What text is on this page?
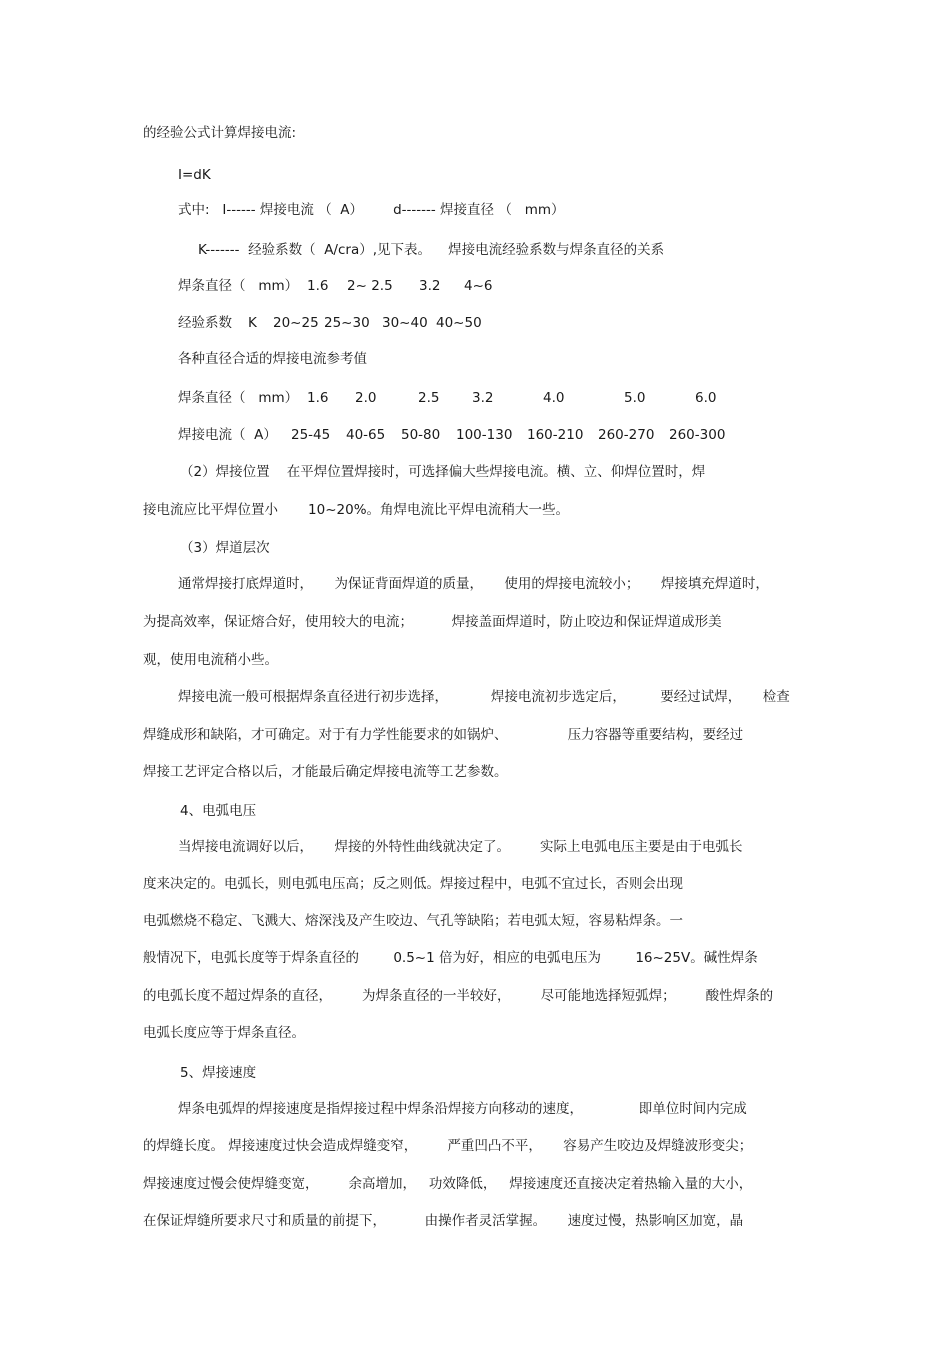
的经验公式计算焊接电流:
I=dK
式中:   I------ 焊接电流 （  A）       d------- 焊接直径 （   mm）
K-------  经验系数（  A/cra）,见下表。    焊接电流经验系数与焊条直径的关系
焊条直径（   mm） 1.6 2~ 2.5 3.2 4~6
经验系数 K 20~25 25~30 30~40 40~50
各种直径合适的焊接电流参考值
焊条直径（   mm） 1.6 2.0	2.5 3.2	4.0	5.0	6.0
焊接电流（  A） 25-45 40-65 50-80 100-130 160-210 260-270 260-300
（2）焊接位置    在平焊位置焊接时，可选择偏大些焊接电流。横、立、仰焊位置时，焊
接电流应比平焊位置小       10~20%。角焊电流比平焊电流稍大一些。
（3）焊道层次
通常焊接打底焊道时，     为保证背面焊道的质量，     使用的焊接电流较小；     焊接填充焊道时，
为提高效率，保证熔合好，使用较大的电流；         焊接盖面焊道时，防止咬边和保证焊道成形美
观，使用电流稍小些。
焊接电流一般可根据焊条直径进行初步选择，          焊接电流初步选定后，        要经过试焊，     检查
焊缝成形和缺陷，才可确定。对于有力学性能要求的如锅炉、              压力容器等重要结构，要经过
焊接工艺评定合格以后，才能最后确定焊接电流等工艺参数。
4、电弧电压
当焊接电流调好以后，     焊接的外特性曲线就决定了。       实际上电弧电压主要是由于电弧长
度来决定的。电弧长，则电弧电压高；反之则低。焊接过程中，电弧不宜过长，否则会出现
电弧燃烧不稳定、飞溅大、熔深浅及产生咬边、气孔等缺陷；若电弧太短，容易粘焊条。一
般情况下，电弧长度等于焊条直径的        0.5~1 倍为好，相应的电弧电压为        16~25V。碱性焊条
的电弧长度不超过焊条的直径，       为焊条直径的一半较好，       尽可能地选择短弧焊；       酸性焊条的
电弧长度应等于焊条直径。
5、焊接速度
焊条电弧焊的焊接速度是指焊接过程中焊条沿焊接方向移动的速度，             即单位时间内完成
的焊缝长度。 焊接速度过快会造成焊缝变窄，       严重凹凸不平，     容易产生咬边及焊缝波形变尖；
焊接速度过慢会使焊缝变宽，       余高增加，   功效降低，   焊接速度还直接决定着热输入量的大小，
在保证焊缝所要求尺寸和质量的前提下，         由操作者灵活掌握。     速度过慢，热影响区加宽，晶
